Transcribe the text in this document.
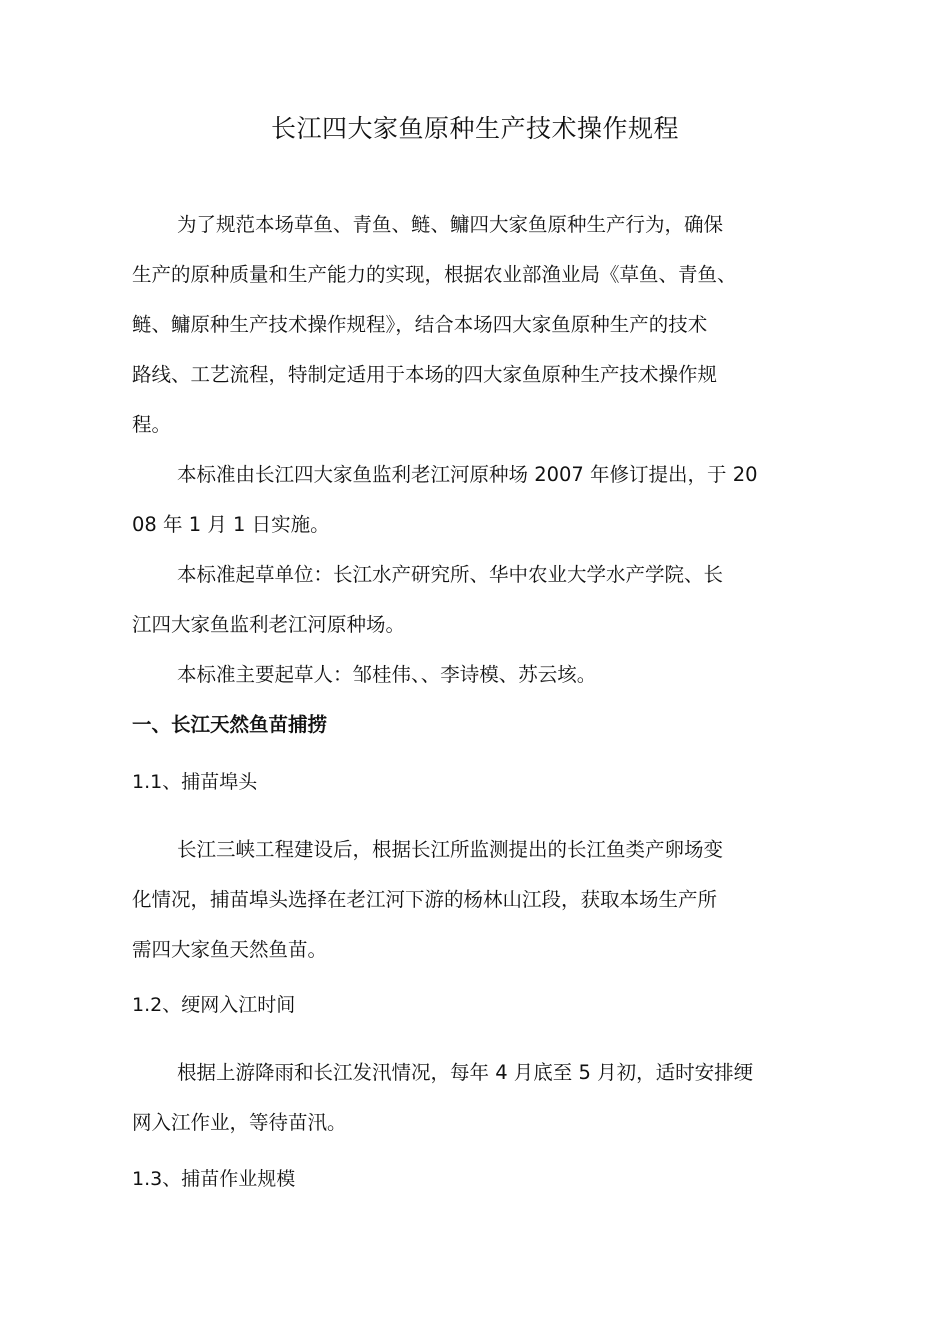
长江四大家鱼原种生产技术操作规程
为了规范本场草鱼、青鱼、鲢、鳙四大家鱼原种生产行为，确保
生产的原种质量和生产能力的实现，根据农业部渔业局《草鱼、青鱼、
鲢、鳙原种生产技术操作规程》，结合本场四大家鱼原种生产的技术
路线、工艺流程，特制定适用于本场的四大家鱼原种生产技术操作规
程。
本标准由长江四大家鱼监利老江河原种场 2007 年修订提出，于 20
08 年 1 月 1 日实施。
本标准起草单位：长江水产研究所、华中农业大学水产学院、长
江四大家鱼监利老江河原种场。
本标准主要起草人：邹桂伟、、李诗模、苏云垓。
一、长江天然鱼苗捕捞
1.1、捕苗埠头
长江三峡工程建设后，根据长江所监测提出的长江鱼类产卵场变
化情况，捕苗埠头选择在老江河下游的杨林山江段，获取本场生产所
需四大家鱼天然鱼苗。
1.2、绠网入江时间
根据上游降雨和长江发汛情况，每年 4 月底至 5 月初，适时安排绠
网入江作业，等待苗汛。
1.3、捕苗作业规模
